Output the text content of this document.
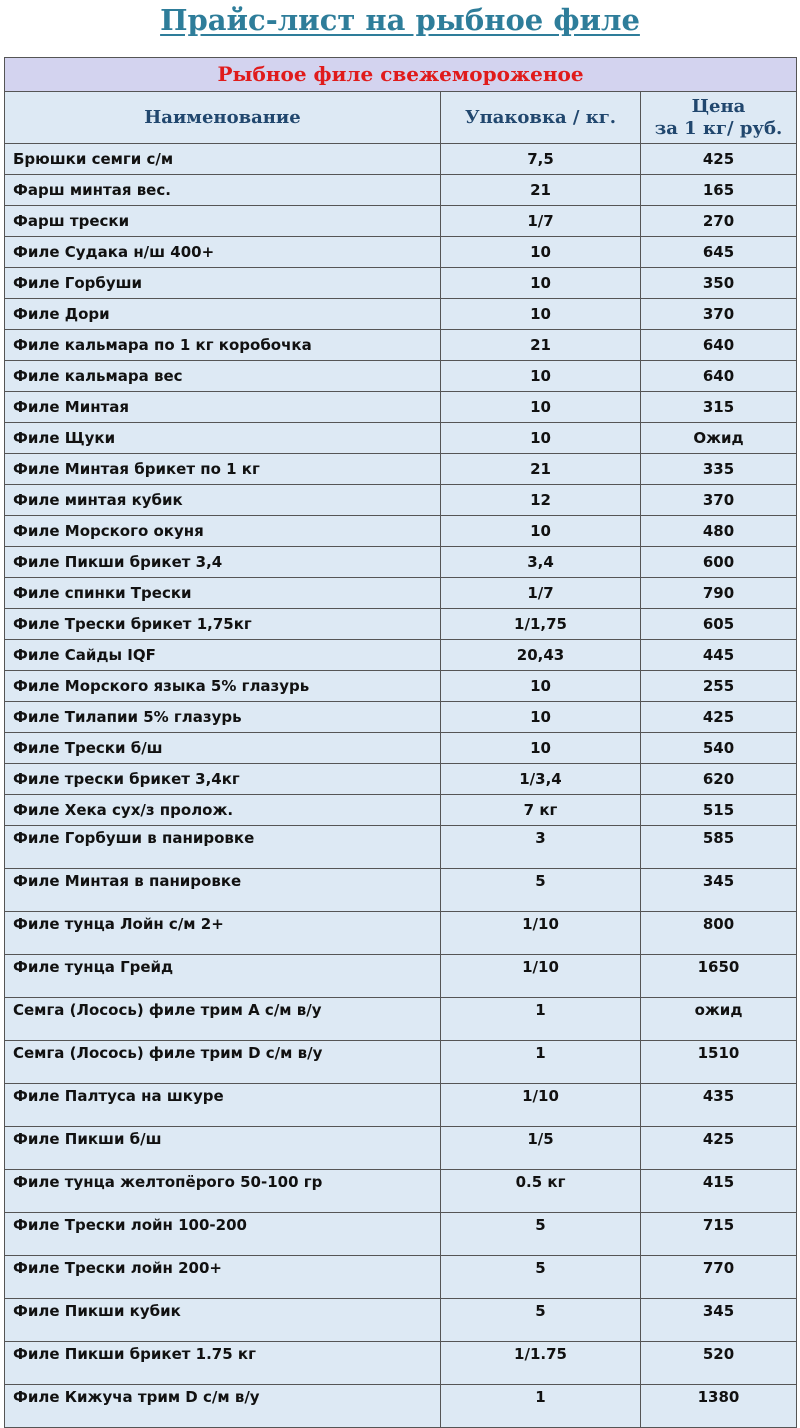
Прайс-лист на рыбное филе
Рыбное филе свежемороженое		
Наименование	Упаковка / кг.	Цена
за 1 кг/ руб.
Брюшки семги с/м	7,5	425
Фарш минтая вес.	21	165
Фарш трески	1/7	270
Филе Судака н/ш 400+	10	645
Филе Горбуши	10	350
Филе Дори	10	370
Филе кальмара по 1 кг коробочка	21	640
Филе кальмара вес	10	640
Филе Минтая	10	315
Филе Щуки	10	Ожид
Филе Минтая брикет по 1 кг	21	335
Филе минтая кубик	12	370
Филе Морского окуня	10	480
Филе Пикши брикет 3,4	3,4	600
Филе спинки Трески	1/7	790
Филе Трески брикет 1,75кг	1/1,75	605
Филе Сайды IQF	20,43	445
Филе Морского языка 5% глазурь	10	255
Филе Тилапии 5% глазурь	10	425
Филе Трески б/ш	10	540
Филе трески брикет 3,4кг	1/3,4	620
Филе Хека сух/з пролож.	7 кг	515
Филе Горбуши в панировке	3	585
Филе Минтая в панировке	5	345
Филе тунца Лойн с/м 2+	1/10	800
Филе тунца Грейд	1/10	1650
Семга (Лосось) филе трим А с/м в/у	1	ожид
Семга (Лосось) филе трим D с/м в/у	1	1510
Филе Палтуса на шкуре	1/10	435
Филе Пикши б/ш	1/5	425
Филе тунца желтопёрого 50-100 гр	0.5 кг	415
Филе Трески лойн 100-200	5	715
Филе Трески лойн 200+	5	770
Филе Пикши кубик	5	345
Филе Пикши брикет 1.75 кг	1/1.75	520
Филе Кижуча трим D с/м в/у	1	1380
